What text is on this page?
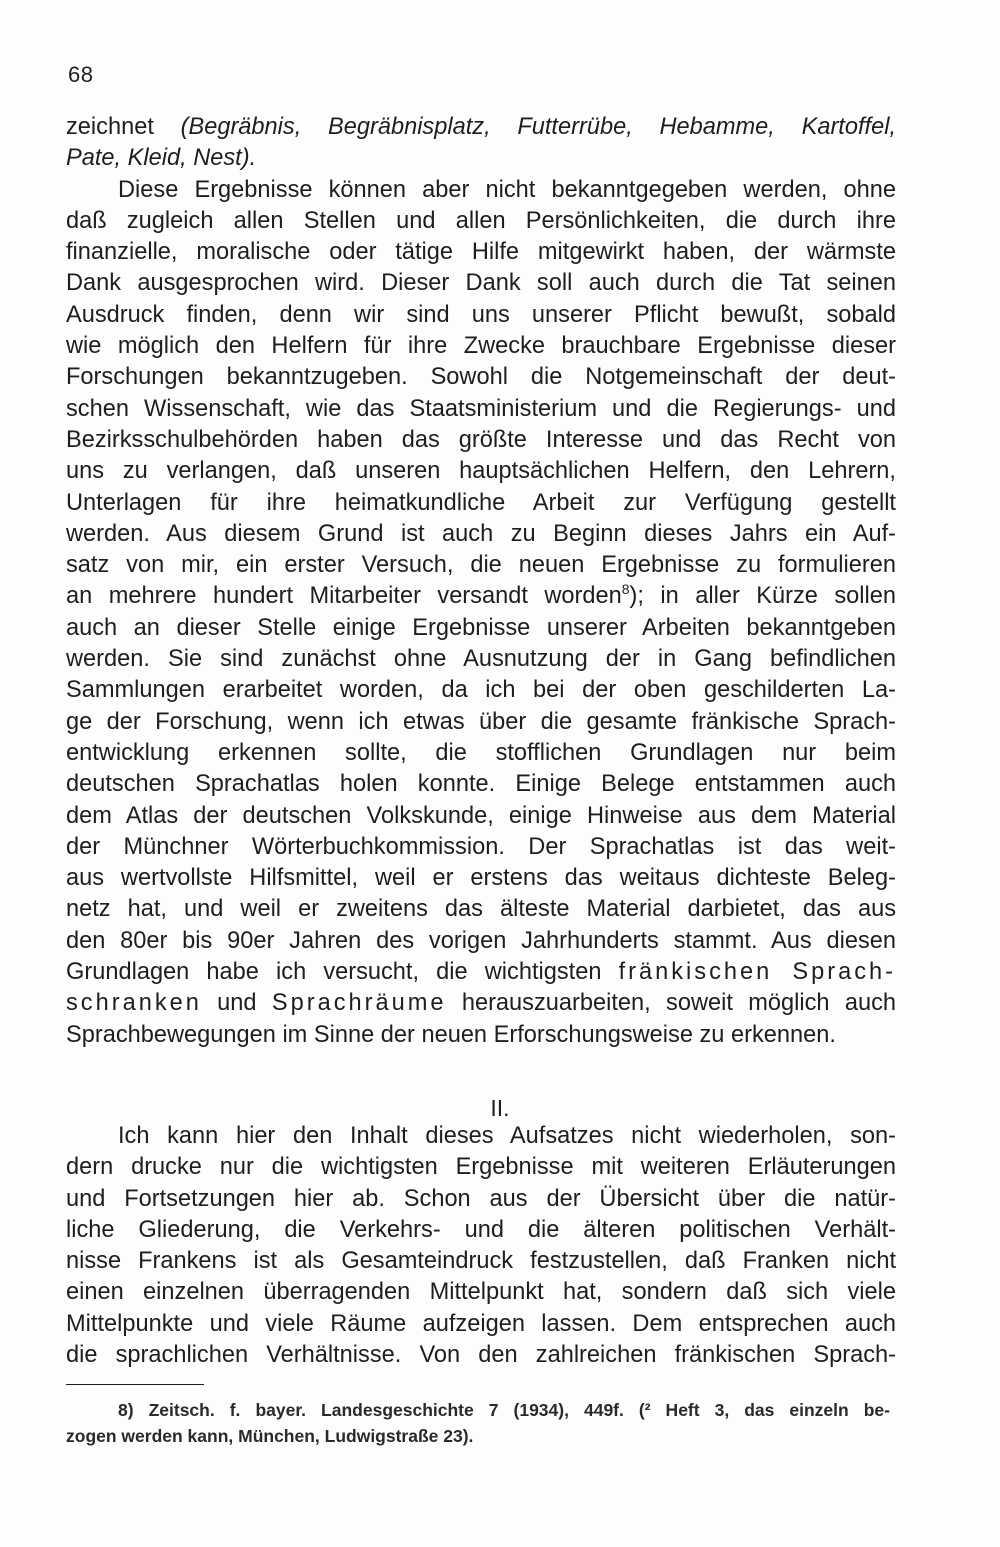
68
zeichnet (Begräbnis, Begräbnisplatz, Futterrübe, Hebamme, Kartoffel,
Pate, Kleid, Nest).
Diese Ergebnisse können aber nicht bekanntgegeben werden, ohne
daß zugleich allen Stellen und allen Persönlichkeiten, die durch ihre
finanzielle, moralische oder tätige Hilfe mitgewirkt haben, der wärmste
Dank ausgesprochen wird. Dieser Dank soll auch durch die Tat seinen
Ausdruck finden, denn wir sind uns unserer Pflicht bewußt, sobald
wie möglich den Helfern für ihre Zwecke brauchbare Ergebnisse dieser
Forschungen bekanntzugeben. Sowohl die Notgemeinschaft der deut-
schen Wissenschaft, wie das Staatsministerium und die Regierungs- und
Bezirksschulbehörden haben das größte Interesse und das Recht von
uns zu verlangen, daß unseren hauptsächlichen Helfern, den Lehrern,
Unterlagen für ihre heimatkundliche Arbeit zur Verfügung gestellt
werden. Aus diesem Grund ist auch zu Beginn dieses Jahrs ein Auf-
satz von mir, ein erster Versuch, die neuen Ergebnisse zu formulieren
an mehrere hundert Mitarbeiter versandt worden$^8$); in aller Kürze sollen
auch an dieser Stelle einige Ergebnisse unserer Arbeiten bekanntgeben
werden. Sie sind zunächst ohne Ausnutzung der in Gang befindlichen
Sammlungen erarbeitet worden, da ich bei der oben geschilderten La-
ge der Forschung, wenn ich etwas über die gesamte fränkische Sprach-
entwicklung erkennen sollte, die stofflichen Grundlagen nur beim
deutschen Sprachatlas holen konnte. Einige Belege entstammen auch
dem Atlas der deutschen Volkskunde, einige Hinweise aus dem Material
der Münchner Wörterbuchkommission. Der Sprachatlas ist das weit-
aus wertvollste Hilfsmittel, weil er erstens das weitaus dichteste Beleg-
netz hat, und weil er zweitens das älteste Material darbietet, das aus
den 80er bis 90er Jahren des vorigen Jahrhunderts stammt. Aus diesen
Grundlagen habe ich versucht, die wichtigsten fränkischen Sprach-
schranken und Sprachräume herauszuarbeiten, soweit möglich auch
Sprachbewegungen im Sinne der neuen Erforschungsweise zu erkennen.
II.
Ich kann hier den Inhalt dieses Aufsatzes nicht wiederholen, son-
dern drucke nur die wichtigsten Ergebnisse mit weiteren Erläuterungen
und Fortsetzungen hier ab. Schon aus der Übersicht über die natür-
liche Gliederung, die Verkehrs- und die älteren politischen Verhält-
nisse Frankens ist als Gesamteindruck festzustellen, daß Franken nicht
einen einzelnen überragenden Mittelpunkt hat, sondern daß sich viele
Mittelpunkte und viele Räume aufzeigen lassen. Dem entsprechen auch
die sprachlichen Verhältnisse. Von den zahlreichen fränkischen Sprach-
8) Zeitsch. f. bayer. Landesgeschichte 7 (1934), 449f. (² Heft 3, das einzeln be-
zogen werden kann, München, Ludwigstraße 23).
